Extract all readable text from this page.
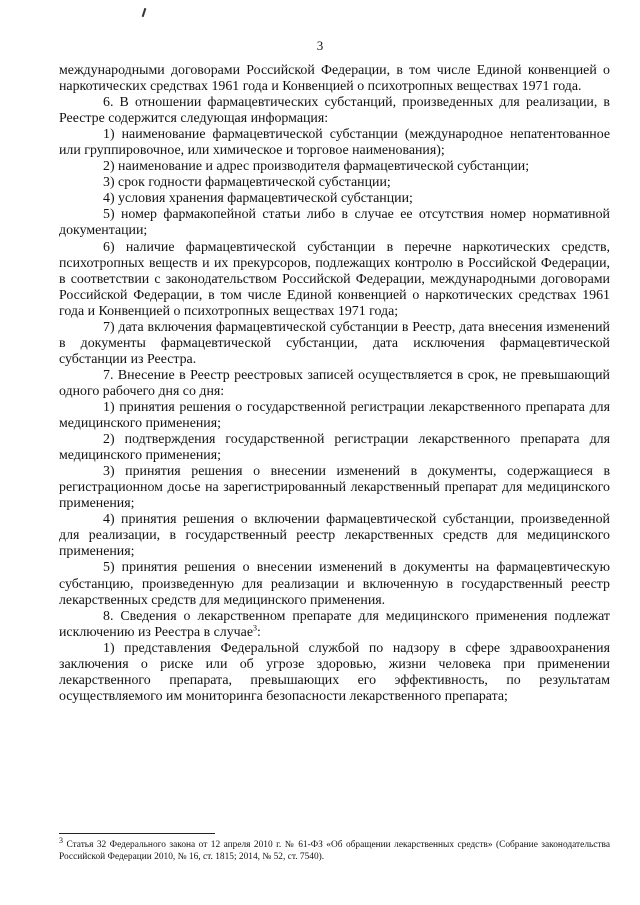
3

международными договорами Российской Федерации, в том числе Единой конвенцией о наркотических средствах 1961 года и Конвенцией о психотропных веществах 1971 года.

6. В отношении фармацевтических субстанций, произведенных для реализации, в Реестре содержится следующая информация:

1) наименование фармацевтической субстанции (международное непатентованное или группировочное, или химическое и торговое наименования);

2) наименование и адрес производителя фармацевтической субстанции;

3) срок годности фармацевтической субстанции;

4) условия хранения фармацевтической субстанции;

5) номер фармакопейной статьи либо в случае ее отсутствия номер нормативной документации;

6) наличие фармацевтической субстанции в перечне наркотических средств, психотропных веществ и их прекурсоров, подлежащих контролю в Российской Федерации, в соответствии с законодательством Российской Федерации, международными договорами Российской Федерации, в том числе Единой конвенцией о наркотических средствах 1961 года и Конвенцией о психотропных веществах 1971 года;

7) дата включения фармацевтической субстанции в Реестр, дата внесения изменений в документы фармацевтической субстанции, дата исключения фармацевтической субстанции из Реестра.

7. Внесение в Реестр реестровых записей осуществляется в срок, не превышающий одного рабочего дня со дня:

1) принятия решения о государственной регистрации лекарственного препарата для медицинского применения;

2) подтверждения государственной регистрации лекарственного препарата для медицинского применения;

3) принятия решения о внесении изменений в документы, содержащиеся в регистрационном досье на зарегистрированный лекарственный препарат для медицинского применения;

4) принятия решения о включении фармацевтической субстанции, произведенной для реализации, в государственный реестр лекарственных средств для медицинского применения;

5) принятия решения о внесении изменений в документы на фармацевтическую субстанцию, произведенную для реализации и включенную в государственный реестр лекарственных средств для медицинского применения.

8. Сведения о лекарственном препарате для медицинского применения подлежат исключению из Реестра в случае$^3$:

1) представления Федеральной службой по надзору в сфере здравоохранения заключения о риске или об угрозе здоровью, жизни человека при применении лекарственного препарата, превышающих его эффективность, по результатам осуществляемого им мониторинга безопасности лекарственного препарата;

$^3$ Статья 32 Федерального закона от 12 апреля 2010 г. № 61-ФЗ «Об обращении лекарственных средств» (Собрание законодательства Российской Федерации 2010, № 16, ст. 1815; 2014, № 52, ст. 7540).
